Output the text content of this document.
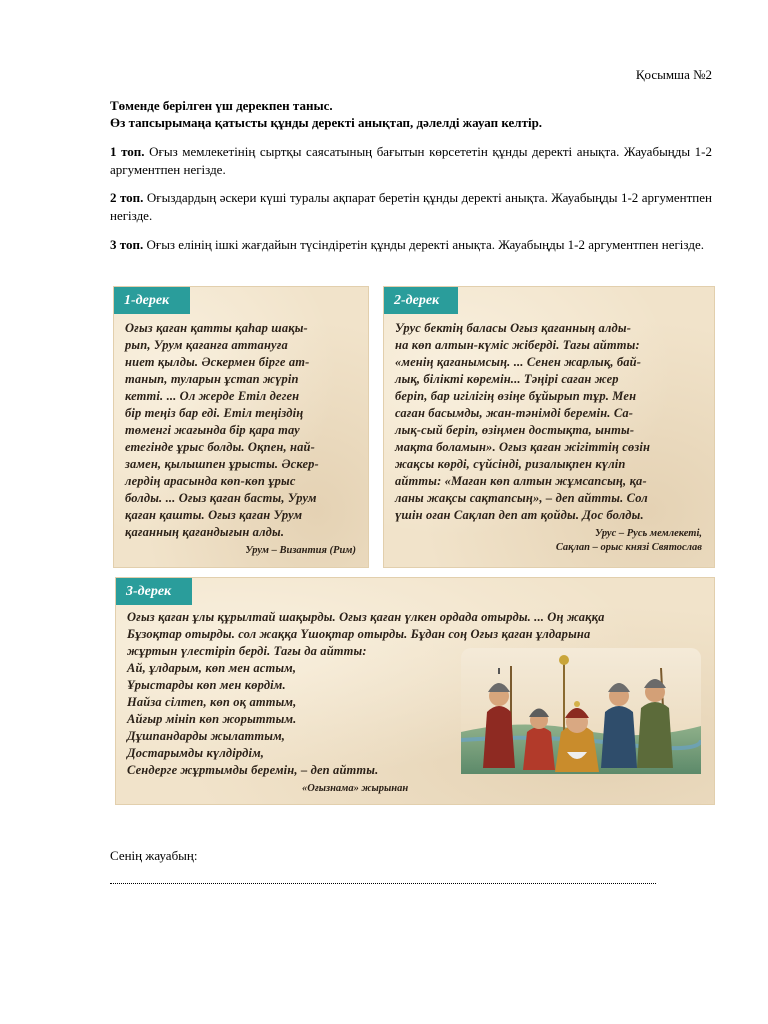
Қосымша №2
Төменде берілген үш дерекпен таныс.
Өз тапсырымаңа қатысты құнды деректі анықтап, дәлелді жауап келтір.
1 топ. Оғыз мемлекетінің сыртқы саясатының бағытын көрсететін құнды деректі анықта. Жауабыңды 1-2 аргументпен негізде.
2 топ. Оғыздардың әскери күші туралы ақпарат беретін құнды деректі анықта. Жауабыңды 1-2 аргументпен негізде.
3 топ. Оғыз елінің ішкі жағдайын түсіндіретін құнды деректі анықта. Жауабыңды 1-2 аргументпен негізде.
1-дерек
Оғыз қаған қатты қаһар шақы-
рып, Урум қағанға аттануға
ниет қылды. Әскермен бірге ат-
танып, туларын ұстап жүріп
кетті. ... Ол жерде Етіл деген
бір теңіз бар еді. Етіл теңіздің
төменгі жағында бір қара тау
етегінде ұрыс болды. Оқпен, най-
замен, қылышпен ұрысты. Әскер-
лердің арасында көп-көп ұрыс
болды. ... Оғыз қаған басты, Урум
қаған қашты. Оғыз қаған Урум
қағанның қағандығын алды.
Урум – Византия (Рим)
2-дерек
Урус бектің баласы Оғыз қағанның алды-
на көп алтын-күміс жіберді. Тағы айтты:
«менің қағанымсың. ... Сенен жарлық, бай-
лық, білікті көремін... Тәңірі саған жер
беріп, бар игілігің өзіңе бұйырып тұр. Мен
саған басымды, жан-тәнімді беремін. Са-
лық-сый беріп, өзіңмен достықта, ынты-
мақта боламын». Оғыз қаған жігіттің сөзін
жақсы көрді, сүйсінді, ризалықпен күліп
айтты: «Маған көп алтын жұмсапсың, қа-
ланы жақсы сақтапсың», – деп айтты. Сол
үшін оған Сақлап деп ат қойды. Дос болды.
Урус – Русь мемлекеті,
Сақлап – орыс князі Святослав
3-дерек
Оғыз қаған ұлы құрылтай шақырды. Оғыз қаған үлкен ордада отырды. ... Оң жаққа
Бұзоқтар отырды. сол жаққа Үшоқтар отырды. Бұдан соң Оғыз қаған ұлдарына
жұртын үлестіріп берді. Тағы да айтты:
Ай, ұлдарым, көп мен астым,
Ұрыстарды көп мен көрдім.
Найза сілтеп, көп оқ аттым,
Айғыр мініп көп жорыттым.
Дұшпандарды жылаттым,
Достарымды күлдірдім,
Сендерге жұртымды беремін, – деп айтты.
«Оғызнама» жырынан
Сенің жауабың:
